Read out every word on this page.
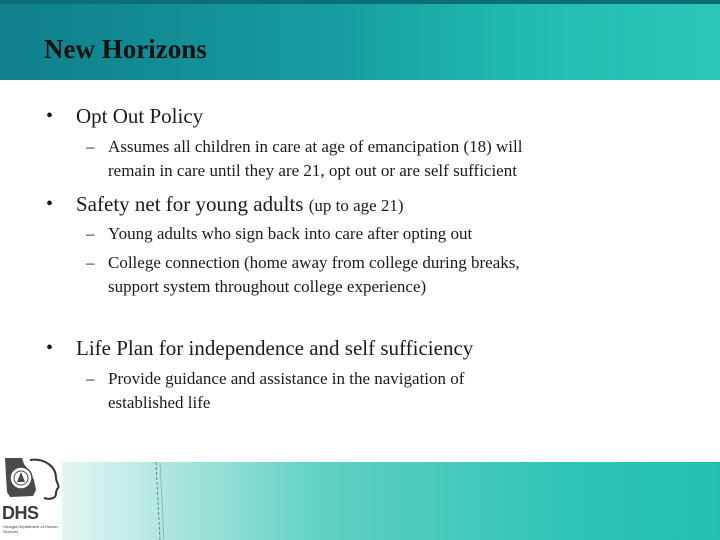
New Horizons
• Opt Out Policy
– Assumes all children in care at age of emancipation (18) will
remain in care until they are 21, opt out or are self sufficient
• Safety net for young adults (up to age 21)
– Young adults who sign back into care after opting out
– College connection (home away from college during breaks,
support system throughout college experience)
• Life Plan for independence and self sufficiency
– Provide guidance and assistance in the navigation of
established life
DHS
Georgia Department of Human Services
